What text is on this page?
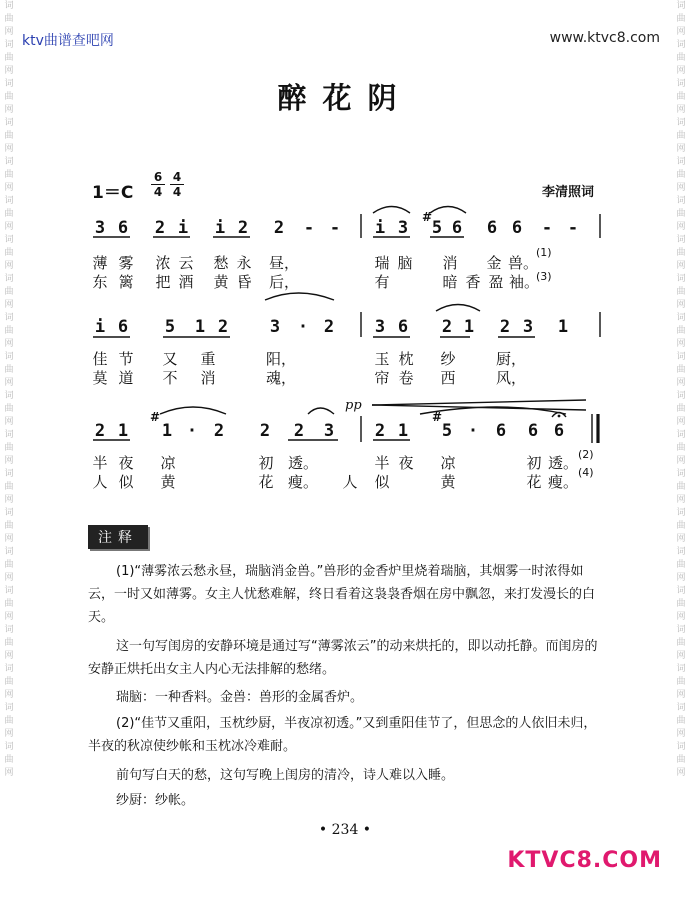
词曲网词曲网词曲网词曲网词曲网词曲网词曲网词曲网词曲网词曲网词曲网词曲网词曲网词曲网词曲网词曲网词曲网词曲网词曲网词曲网
词曲网词曲网词曲网词曲网词曲网词曲网词曲网词曲网词曲网词曲网词曲网词曲网词曲网词曲网词曲网词曲网词曲网词曲网词曲网词曲网
ktv曲谱查吧网	www.ktvc8.com
醉花阴
$1=C \frac{6}{4} \frac{4}{4}$	李清照词
3 6 2 i i 2 2 - - i 3
#
5 6 6 6 - -
薄 雾 浓 云 愁 永 昼，	瑞 脑 消 金 兽。
(1)
东 篱 把 酒 黄 昏 后，	有	暗 香 盈 袖。
(3)
i 6 5 1 2 3 · 2 3 6 2 1 2 3 1
佳 节 又 重	阳，	玉 枕 纱	厨，
莫 道 不 消	魂，	帘 卷 西	风，
pp
2 1
#
1 · 2 2 2 3 2 1
#
5 · 6 6 6
半 夜 凉	初 透。	半 夜 凉	初 透。 (2)
人 似 黄	花 瘦。 人 似	黄	花 瘦。
(4)
注释

(1)“薄雾浓云愁永昼，瑞脑消金兽。”兽形的金香炉里烧着瑞脑，其烟雾一时浓得如云，一时又如薄雾。女主人忧愁难解，终日看着这袅袅香烟在房中飘忽，来打发漫长的白天。

这一句写闺房的安静环境是通过写“薄雾浓云”的动来烘托的，即以动托静。而闺房的安静正烘托出女主人内心无法排解的愁绪。

瑞脑：一种香料。金兽：兽形的金属香炉。

(2)“佳节又重阳，玉枕纱厨，半夜凉初透。”又到重阳佳节了，但思念的人依旧未归，半夜的秋凉使纱帐和玉枕冰冷难耐。

前句写白天的愁，这句写晚上闺房的清冷，诗人难以入睡。

纱厨：纱帐。

• 234 •
KTVC8.COM
